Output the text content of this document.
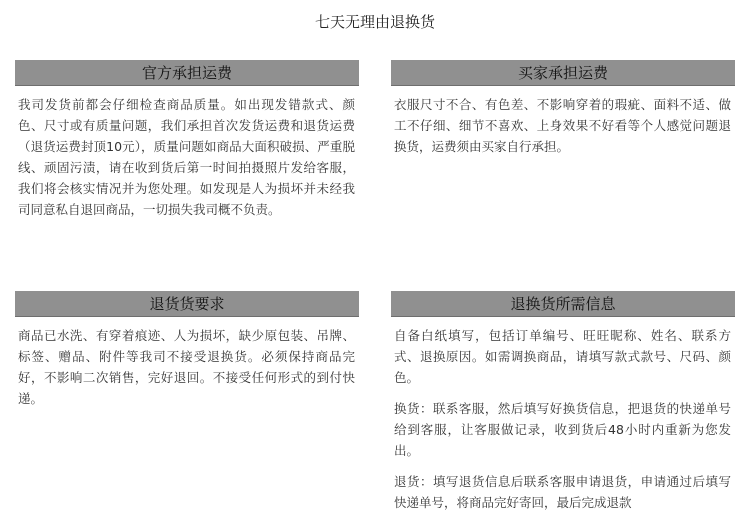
七天无理由退换货
官方承担运费

我司发货前都会仔细检查商品质量。如出现发错款式、颜色、尺寸或有质量问题，我们承担首次发货运费和退货运费（退货运费封顶10元），质量问题如商品大面积破损、严重脱线、顽固污渍，请在收到货后第一时间拍摄照片发给客服，我们将会核实情况并为您处理。如发现是人为损坏并未经我司同意私自退回商品，一切损失我司概不负责。

买家承担运费

衣服尺寸不合、有色差、不影响穿着的瑕疵、面料不适、做工不仔细、细节不喜欢、上身效果不好看等个人感觉问题退换货，运费须由买家自行承担。

退货货要求

商品已水洗、有穿着痕迹、人为损坏，缺少原包装、吊牌、标签、赠品、附件等我司不接受退换货。必须保持商品完好，不影响二次销售，完好退回。不接受任何形式的到付快递。

退换货所需信息

自备白纸填写，包括订单编号、旺旺昵称、姓名、联系方式、退换原因。如需调换商品，请填写款式款号、尺码、颜色。

换货：联系客服，然后填写好换货信息，把退货的快递单号给到客服，让客服做记录，收到货后48小时内重新为您发出。

退货：填写退货信息后联系客服申请退货，申请通过后填写快递单号，将商品完好寄回，最后完成退款
